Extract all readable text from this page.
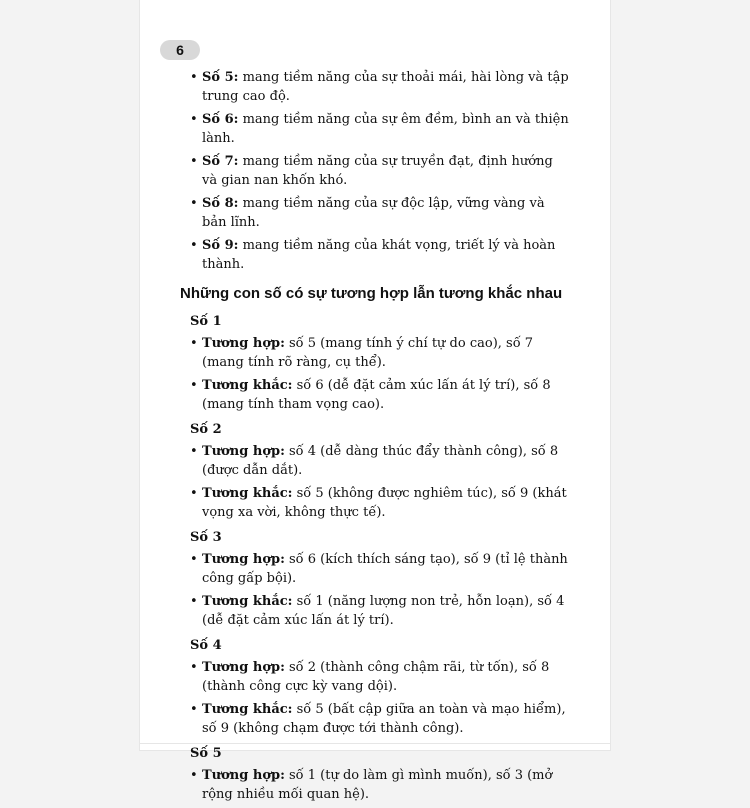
6
• Số 5: mang tiềm năng của sự thoải mái, hài lòng và tập trung cao độ.
• Số 6: mang tiềm năng của sự êm đềm, bình an và thiện lành.
• Số 7: mang tiềm năng của sự truyền đạt, định hướng và gian nan khốn khó.
• Số 8: mang tiềm năng của sự độc lập, vững vàng và bản lĩnh.
• Số 9: mang tiềm năng của khát vọng, triết lý và hoàn thành.
Những con số có sự tương hợp lẫn tương khắc nhau
Số 1
• Tương hợp: số 5 (mang tính ý chí tự do cao), số 7 (mang tính rõ ràng, cụ thể).
• Tương khắc: số 6 (dễ đặt cảm xúc lấn át lý trí), số 8 (mang tính tham vọng cao).
Số 2
• Tương hợp: số 4 (dễ dàng thúc đẩy thành công), số 8 (được dẫn dắt).
• Tương khắc: số 5 (không được nghiêm túc), số 9 (khát vọng xa vời, không thực tế).
Số 3
• Tương hợp: số 6 (kích thích sáng tạo), số 9 (tỉ lệ thành công gấp bội).
• Tương khắc: số 1 (năng lượng non trẻ, hỗn loạn), số 4 (dễ đặt cảm xúc lấn át lý trí).
Số 4
• Tương hợp: số 2 (thành công chậm rãi, từ tốn), số 8 (thành công cực kỳ vang dội).
• Tương khắc: số 5 (bất cập giữa an toàn và mạo hiểm), số 9 (không chạm được tới thành công).
Số 5
• Tương hợp: số 1 (tự do làm gì mình muốn), số 3 (mở rộng nhiều mối quan hệ).
